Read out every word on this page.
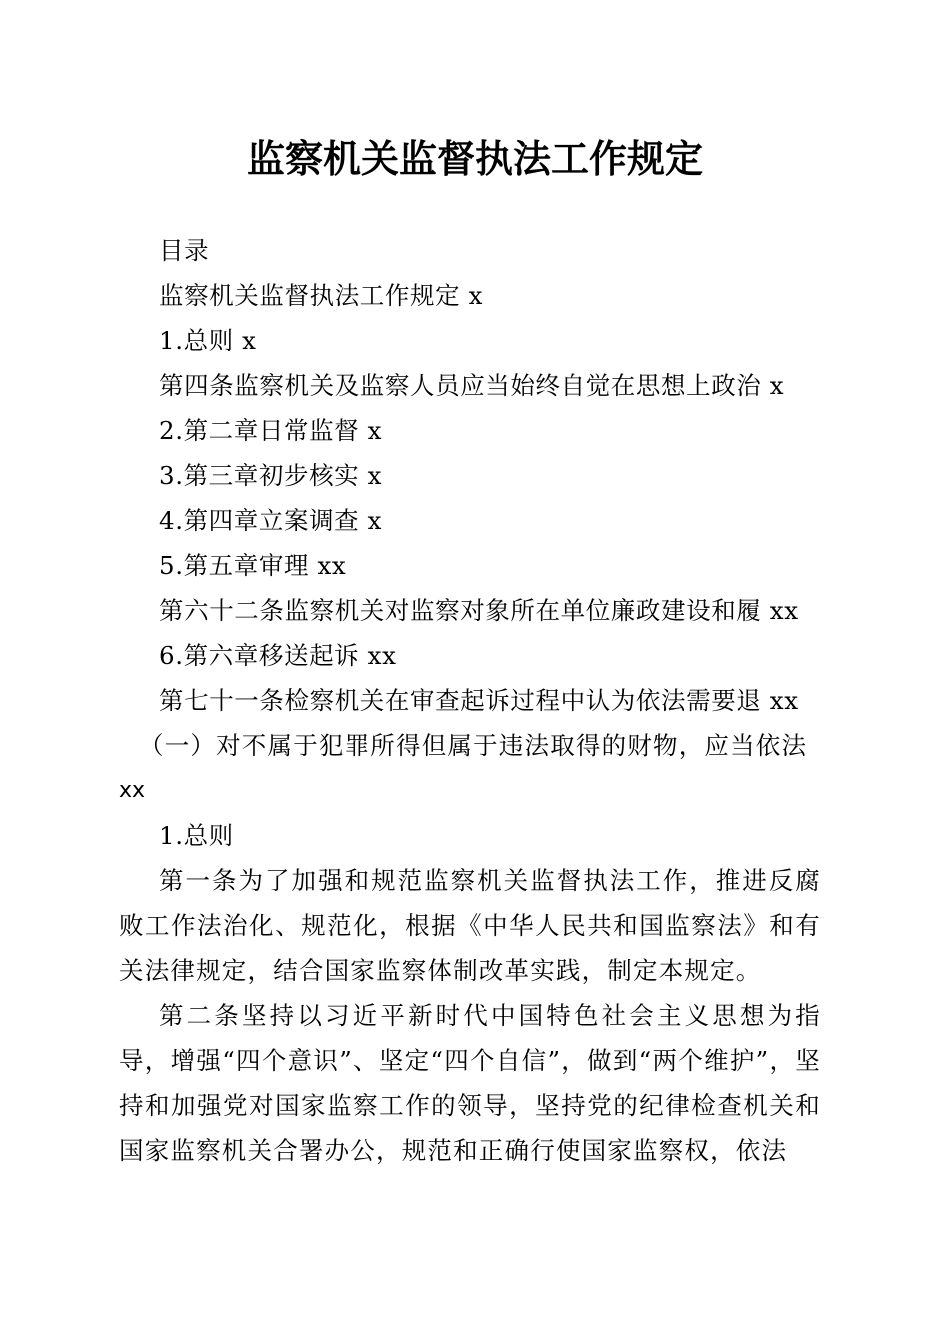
监察机关监督执法工作规定
目录
监察机关监督执法工作规定 x
1.总则 x
第四条监察机关及监察人员应当始终自觉在思想上政治 x
2.第二章日常监督 x
3.第三章初步核实 x
4.第四章立案调查 x
5.第五章审理 xx
第六十二条监察机关对监察对象所在单位廉政建设和履 xx
6.第六章移送起诉 xx
第七十一条检察机关在审查起诉过程中认为依法需要退 xx
（一）对不属于犯罪所得但属于违法取得的财物，应当依法
xx
1.总则

第一条为了加强和规范监察机关监督执法工作，推进反腐败工作法治化、规范化，根据《中华人民共和国监察法》和有关法律规定，结合国家监察体制改革实践，制定本规定。

第二条坚持以习近平新时代中国特色社会主义思想为指导，增强“四个意识”、坚定“四个自信”，做到“两个维护”，坚持和加强党对国家监察工作的领导，坚持党的纪律检查机关和国家监察机关合署办公，规范和正确行使国家监察权，依法
